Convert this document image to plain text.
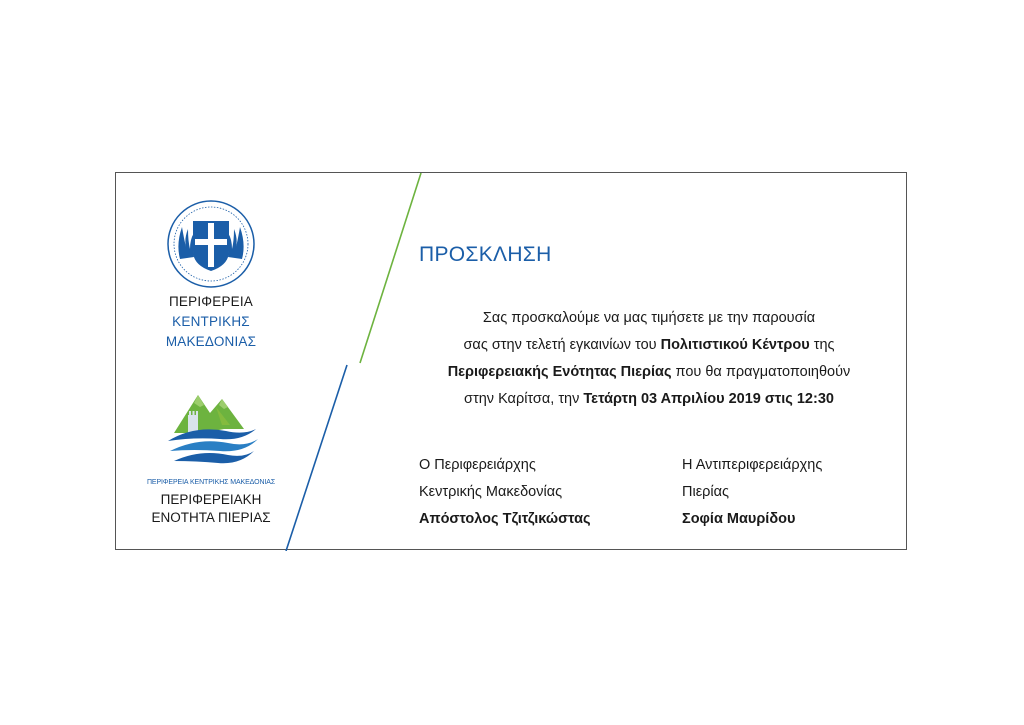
ΠΕΡΙΦΕΡΕΙΑ
ΚΕΝΤΡΙΚΗΣ
ΜΑΚΕΔΟΝΙΑΣ
ΠΕΡΙΦΕΡΕΙΑ ΚΕΝΤΡΙΚΗΣ ΜΑΚΕΔΟΝΙΑΣ
ΠΕΡΙΦΕΡΕΙΑΚΗ
ΕΝΟΤΗΤΑ ΠΙΕΡΙΑΣ
ΠΡΟΣΚΛΗΣΗ
Σας προσκαλούμε να μας τιμήσετε με την παρουσία
σας στην τελετή εγκαινίων του Πολιτιστικού Κέντρου της
Περιφερειακής Ενότητας Πιερίας που θα πραγματοποιηθούν
στην Καρίτσα, την Τετάρτη 03 Απριλίου 2019 στις 12:30
Ο Περιφερειάρχης
Κεντρικής Μακεδονίας
Απόστολος Τζιτζικώστας
Η Αντιπεριφερειάρχης
Πιερίας
Σοφία Μαυρίδου
